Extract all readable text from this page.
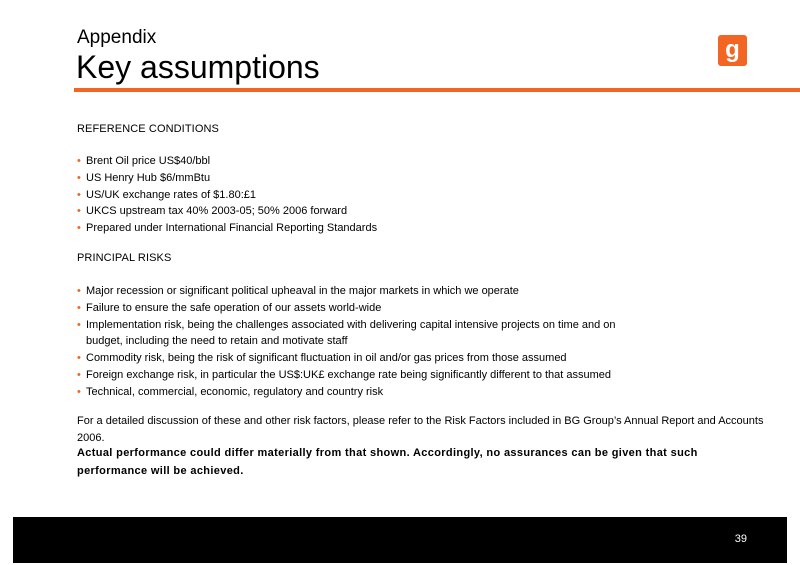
Appendix
Key assumptions	g
REFERENCE CONDITIONS
• Brent Oil price US$40/bbl
• US Henry Hub $6/mmBtu
• US/UK exchange rates of $1.80:£1
• UKCS upstream tax 40% 2003-05; 50% 2006 forward
• Prepared under International Financial Reporting Standards
PRINCIPAL RISKS
• Major recession or significant political upheaval in the major markets in which we operate
• Failure to ensure the safe operation of our assets world-wide
• Implementation risk, being the challenges associated with delivering capital intensive projects on time and on
budget, including the need to retain and motivate staff
• Commodity risk, being the risk of significant fluctuation in oil and/or gas prices from those assumed
• Foreign exchange risk, in particular the US$:UK£ exchange rate being significantly different to that assumed
• Technical, commercial, economic, regulatory and country risk
For a detailed discussion of these and other risk factors, please refer to the Risk Factors included in BG Group’s Annual Report and Accounts 2006.
Actual performance could differ materially from that shown. Accordingly, no assurances can be given that such performance will be achieved.
39
